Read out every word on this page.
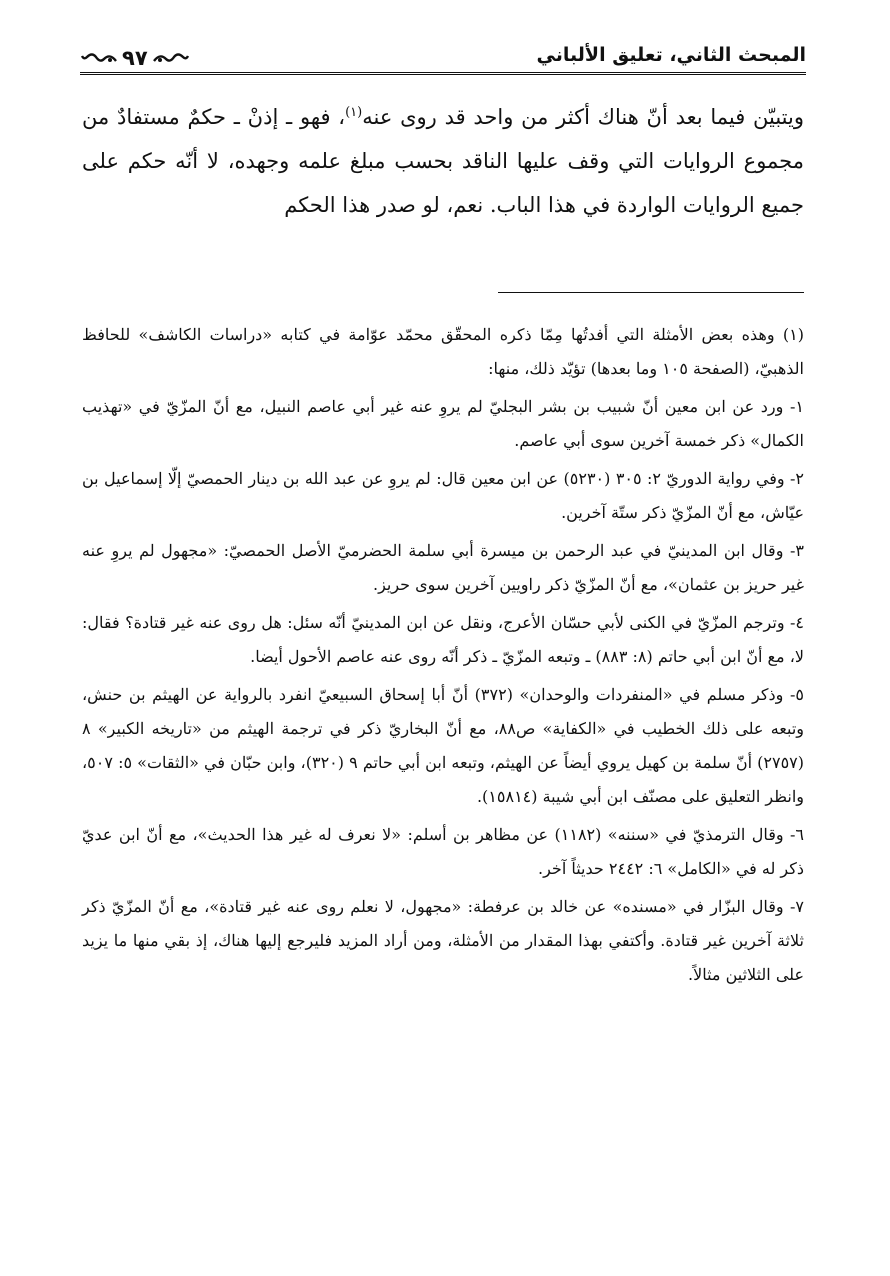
المبحث الثاني، تعليق الألباني
٩٧

ويتبيّن فيما بعد أنّ هناك أكثر من واحد قد روى عنه$^{(١)}$، فهو ـ إذنْ ـ حكمٌ مستفادٌ من مجموع الروايات التي وقف عليها الناقد بحسب مبلغ علمه وجهده، لا أنّه حكم على جميع الروايات الواردة في هذا الباب. نعم، لو صدر هذا الحكم

(١) وهذه بعض الأمثلة التي أفدتُها مِمّا ذكره المحقّق محمّد عوّامة في كتابه «دراسات الكاشف» للحافظ الذهبيّ، (الصفحة ١٠٥ وما بعدها) تؤيّد ذلك، منها:

١- ورد عن ابن معين أنّ شبيب بن بشر البجليّ لم يروِ عنه غير أبي عاصم النبيل، مع أنّ المزّيّ في «تهذيب الكمال» ذكر خمسة آخرين سوى أبي عاصم.

٢- وفي رواية الدوريّ ٢: ٣٠٥ (٥٢٣٠) عن ابن معين قال: لم يروِ عن عبد الله بن دينار الحمصيّ إلّا إسماعيل بن عيّاش، مع أنّ المزّيّ ذكر ستّة آخرين.

٣- وقال ابن المدينيّ في عبد الرحمن بن ميسرة أبي سلمة الحضرميّ الأصل الحمصيّ: «مجهول لم يروِ عنه غير حريز بن عثمان»، مع أنّ المزّيّ ذكر راويين آخرين سوى حريز.

٤- وترجم المزّيّ في الكنى لأبي حسّان الأعرج، ونقل عن ابن المدينيّ أنّه سئل: هل روى عنه غير قتادة؟ فقال: لا، مع أنّ ابن أبي حاتم (٨: ٨٨٣) ـ وتبعه المزّيّ ـ ذكر أنّه روى عنه عاصم الأحول أيضا.

٥- وذكر مسلم في «المنفردات والوحدان» (٣٧٢) أنّ أبا إسحاق السبيعيّ انفرد بالرواية عن الهيثم بن حنش، وتبعه على ذلك الخطيب في «الكفاية» ص٨٨، مع أنّ البخاريّ ذكر في ترجمة الهيثم من «تاريخه الكبير» ٨ (٢٧٥٧) أنّ سلمة بن كهيل يروي أيضاً عن الهيثم، وتبعه ابن أبي حاتم ٩ (٣٢٠)، وابن حبّان في «الثقات» ٥: ٥٠٧، وانظر التعليق على مصنّف ابن أبي شيبة (١٥٨١٤).

٦- وقال الترمذيّ في «سننه» (١١٨٢) عن مظاهر بن أسلم: «لا نعرف له غير هذا الحديث»، مع أنّ ابن عديّ ذكر له في «الكامل» ٦: ٢٤٤٢ حديثاً آخر.

٧- وقال البزّار في «مسنده» عن خالد بن عرفطة: «مجهول، لا نعلم روى عنه غير قتادة»، مع أنّ المزّيّ ذكر ثلاثة آخرين غير قتادة. وأكتفي بهذا المقدار من الأمثلة، ومن أراد المزيد فليرجع إليها هناك، إذ بقي منها ما يزيد على الثلاثين مثالاً.
